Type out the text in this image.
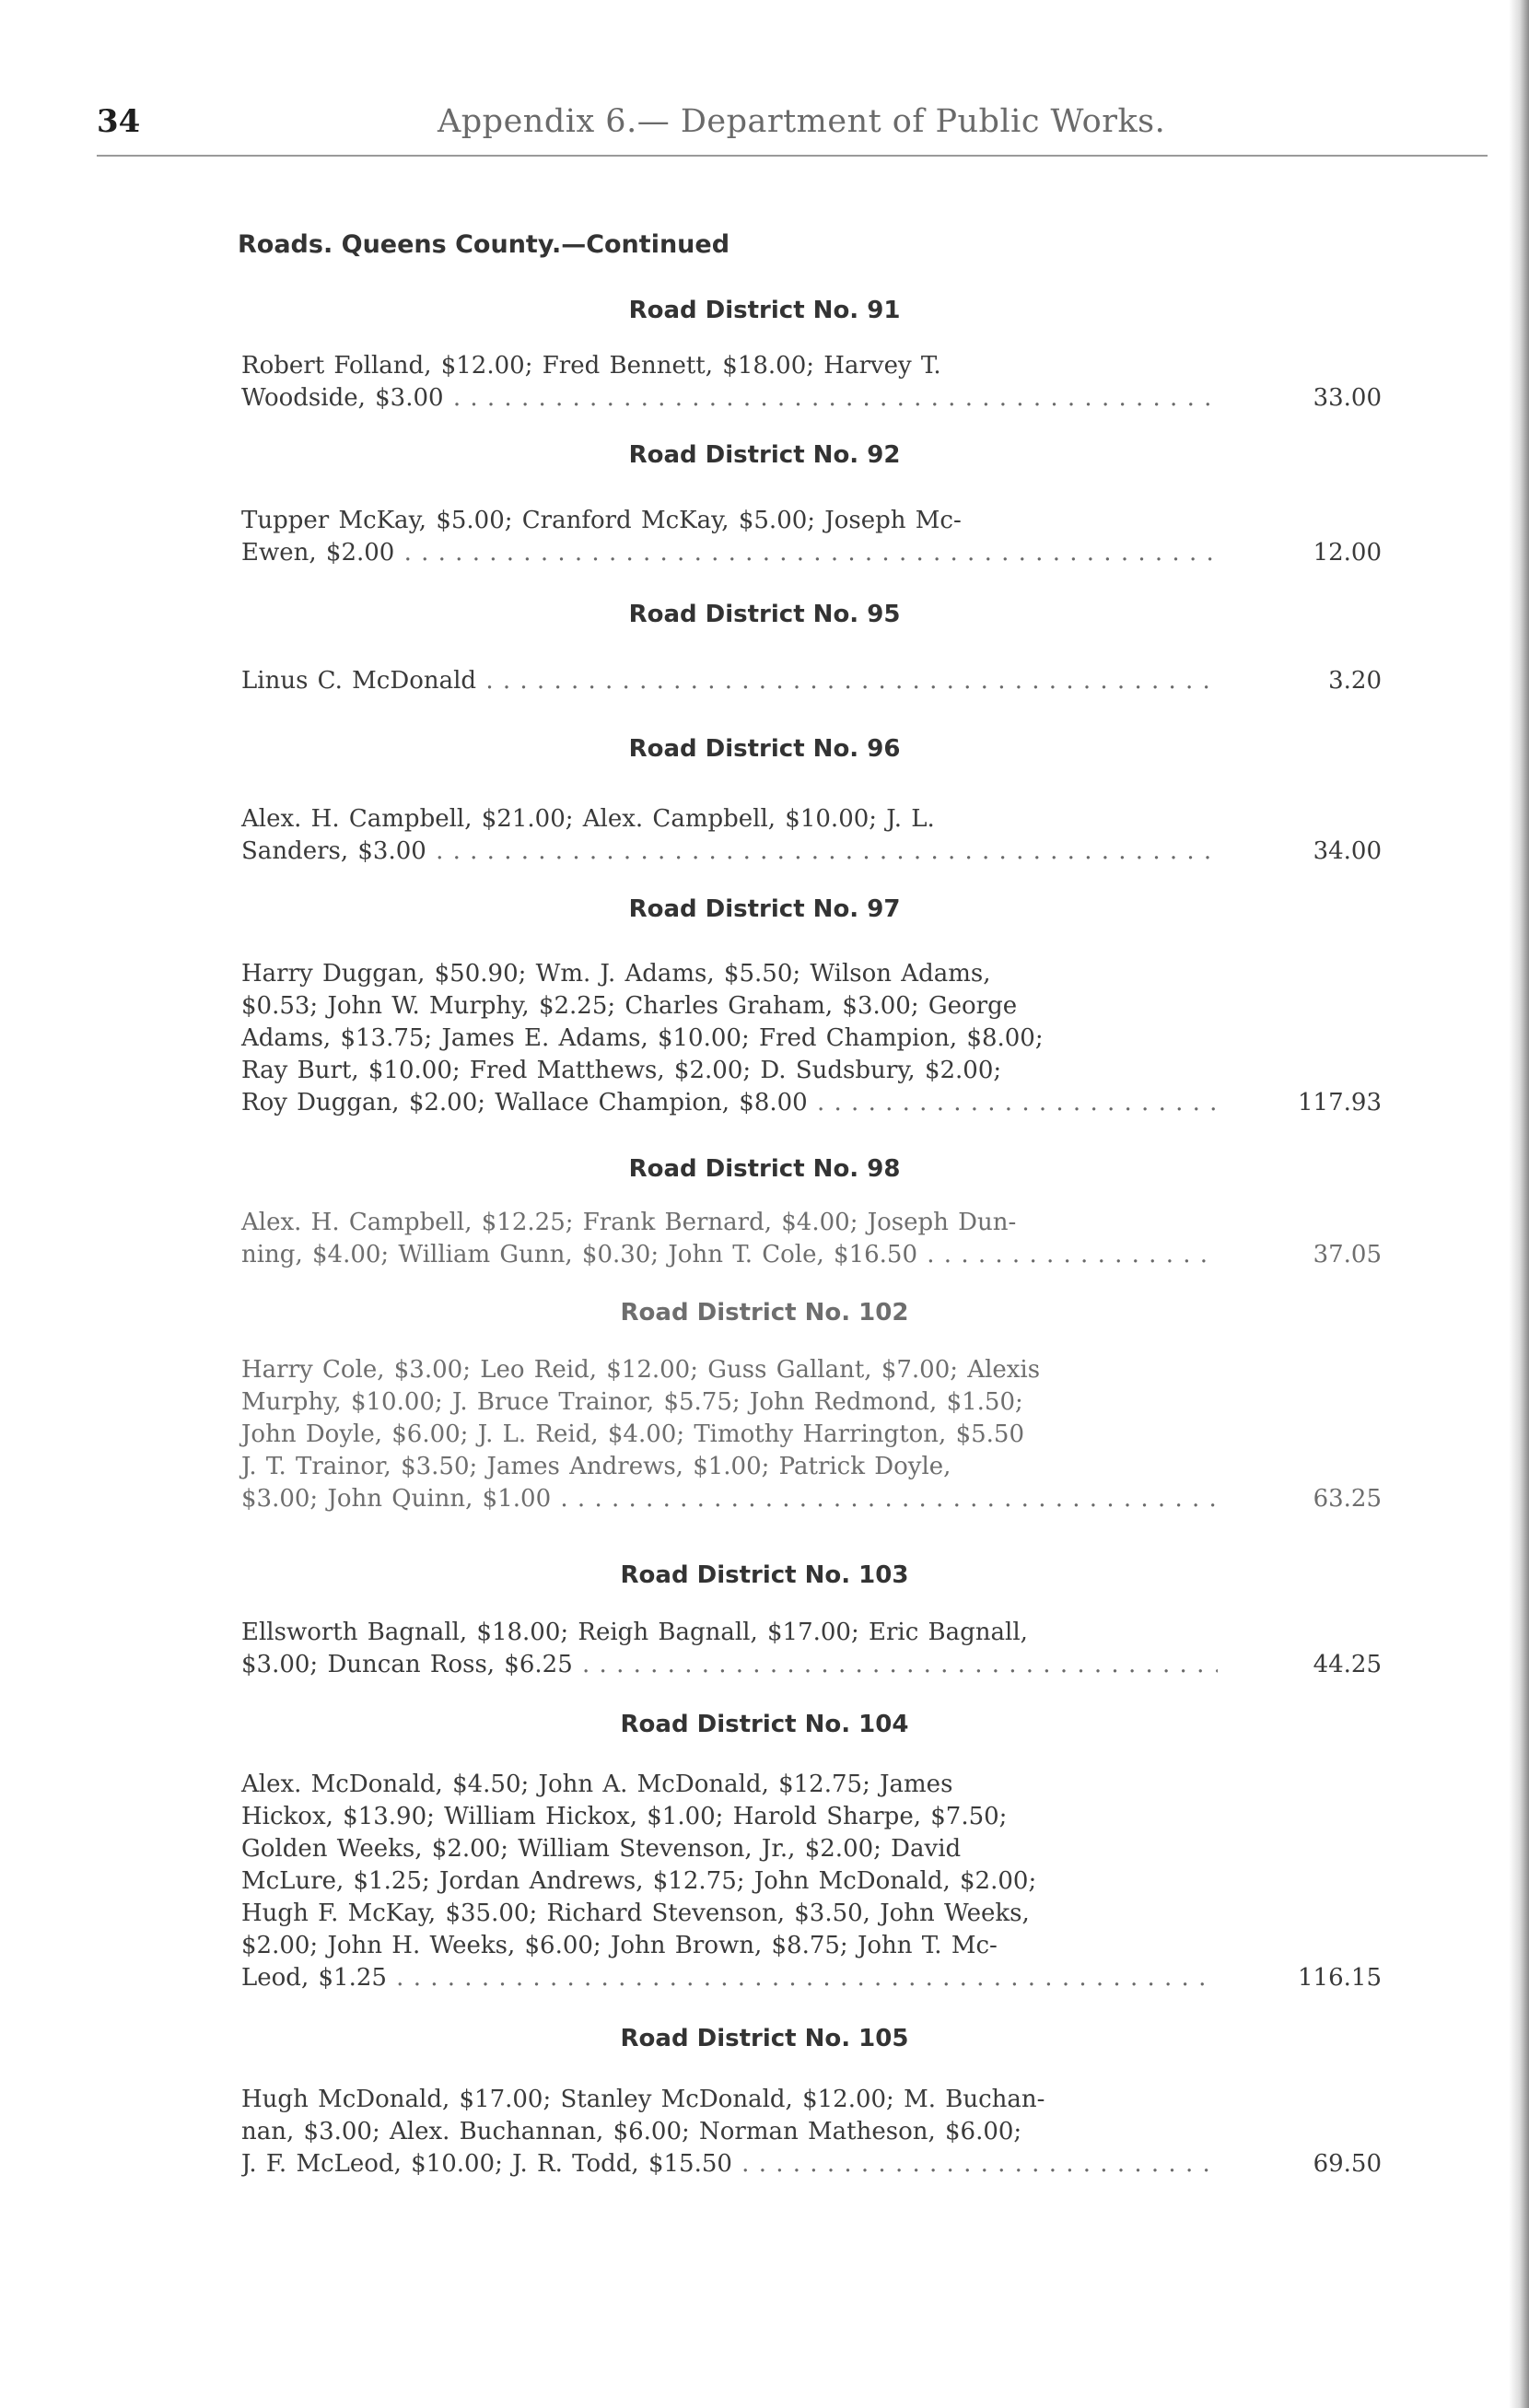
34	Appendix 6.— Department of Public Works.
Roads. Queens County.—Continued
Road District No. 91
Robert Folland, $12.00; Fred Bennett, $18.00; Harvey T.
Woodside, $3.00 . . .	33.00
Road District No. 92
Tupper McKay, $5.00; Cranford McKay, $5.00; Joseph Mc-
Ewen, $2.00 . . .	12.00
Road District No. 95
Linus C. McDonald . . .	3.20
Road District No. 96
Alex. H. Campbell, $21.00; Alex. Campbell, $10.00; J. L.
Sanders, $3.00 . . .	34.00
Road District No. 97
Harry Duggan, $50.90; Wm. J. Adams, $5.50; Wilson Adams,
$0.53; John W. Murphy, $2.25; Charles Graham, $3.00; George
Adams, $13.75; James E. Adams, $10.00; Fred Champion, $8.00;
Ray Burt, $10.00; Fred Matthews, $2.00; D. Sudsbury, $2.00;
Roy Duggan, $2.00; Wallace Champion, $8.00 . . .	117.93
Road District No. 98
Alex. H. Campbell, $12.25; Frank Bernard, $4.00; Joseph Dun-
ning, $4.00; William Gunn, $0.30; John T. Cole, $16.50 . . .	37.05
Road District No. 102
Harry Cole, $3.00; Leo Reid, $12.00; Guss Gallant, $7.00; Alexis
Murphy, $10.00; J. Bruce Trainor, $5.75; John Redmond, $1.50;
John Doyle, $6.00; J. L. Reid, $4.00; Timothy Harrington, $5.50
J. T. Trainor, $3.50; James Andrews, $1.00; Patrick Doyle,
$3.00; John Quinn, $1.00 . . .	63.25
Road District No. 103
Ellsworth Bagnall, $18.00; Reigh Bagnall, $17.00; Eric Bagnall,
$3.00; Duncan Ross, $6.25 . . .	44.25
Road District No. 104
Alex. McDonald, $4.50; John A. McDonald, $12.75; James
Hickox, $13.90; William Hickox, $1.00; Harold Sharpe, $7.50;
Golden Weeks, $2.00; William Stevenson, Jr., $2.00; David
McLure, $1.25; Jordan Andrews, $12.75; John McDonald, $2.00;
Hugh F. McKay, $35.00; Richard Stevenson, $3.50, John Weeks,
$2.00; John H. Weeks, $6.00; John Brown, $8.75; John T. Mc-
Leod, $1.25 . . .	116.15
Road District No. 105
Hugh McDonald, $17.00; Stanley McDonald, $12.00; M. Buchan-
nan, $3.00; Alex. Buchannan, $6.00; Norman Matheson, $6.00;
J. F. McLeod, $10.00; J. R. Todd, $15.50 . . .	69.50
